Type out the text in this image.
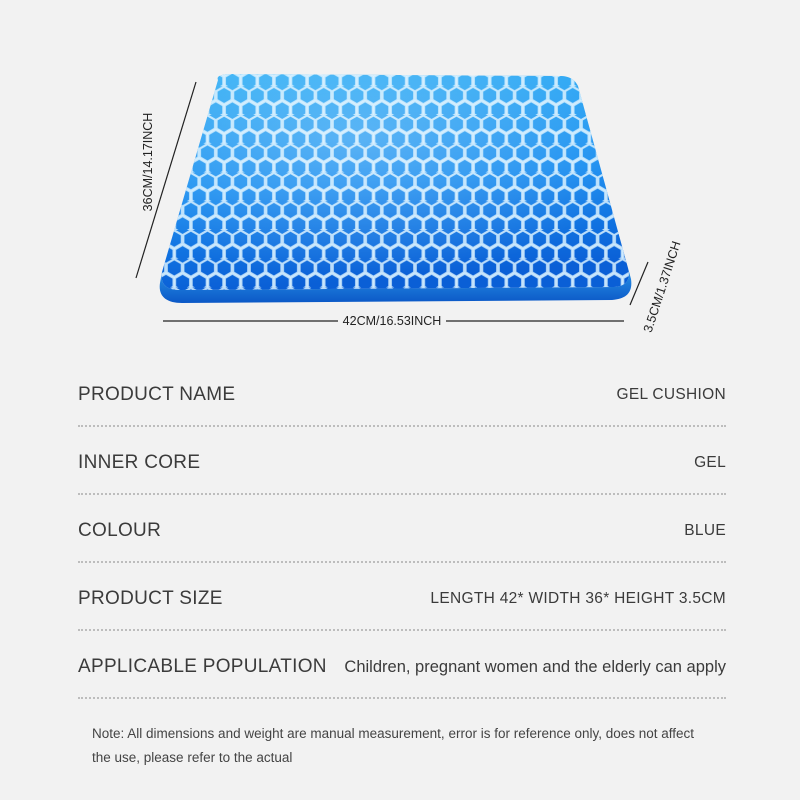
36CM/14.17INCH
42CM/16.53INCH	3.5CM/1.37INCH
PRODUCT NAME	GEL CUSHION
INNER CORE	GEL
COLOUR	BLUE
PRODUCT SIZE	LENGTH 42* WIDTH 36* HEIGHT 3.5CM
APPLICABLE POPULATION Children, pregnant women and the elderly can apply
Note: All dimensions and weight are manual measurement, error is for reference only, does not affect the use, please refer to the actual
